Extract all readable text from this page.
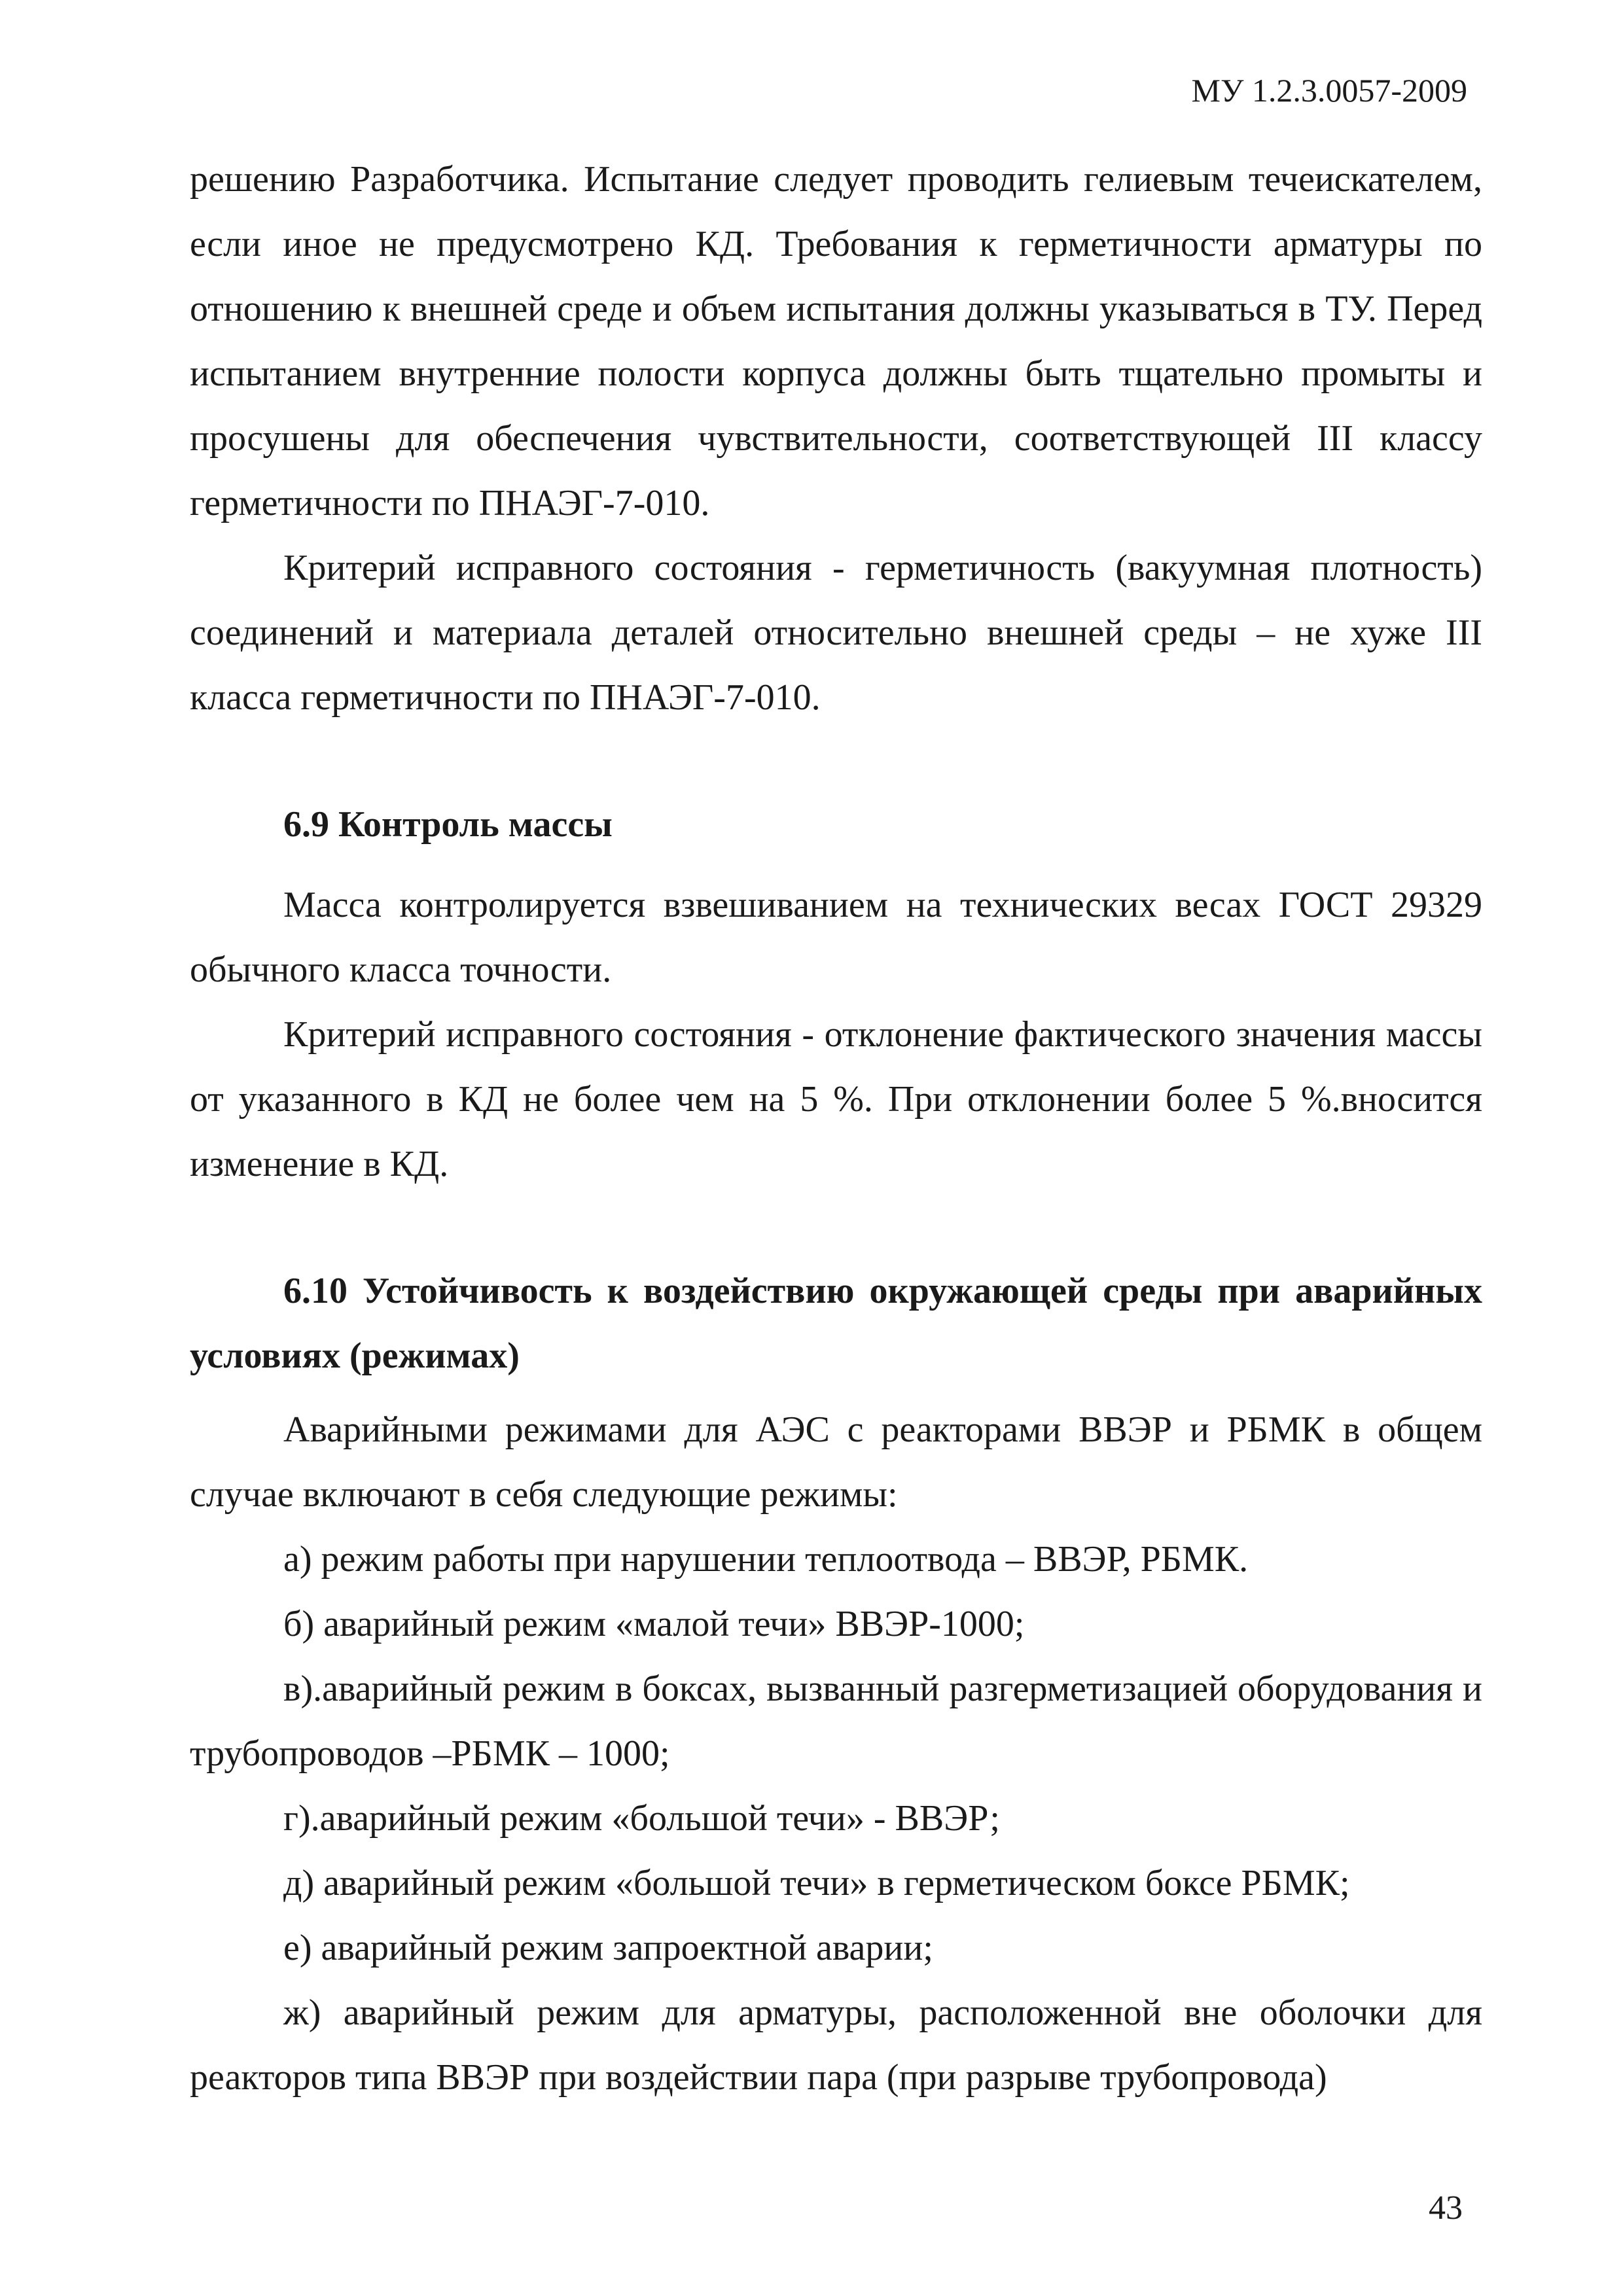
МУ 1.2.3.0057-2009

решению Разработчика. Испытание следует проводить гелиевым течеискателем, если иное не предусмотрено КД. Требования к герметичности арматуры по отношению к внешней среде и объем испытания должны указываться в ТУ. Перед испытанием внутренние полости корпуса должны быть тщательно промыты и просушены для обеспечения чувствительности, соответствующей III классу герметичности по ПНАЭГ-7-010.

Критерий исправного состояния - герметичность (вакуумная плотность) соединений и материала деталей относительно внешней среды – не хуже III класса герметичности по ПНАЭГ-7-010.

6.9 Контроль массы

Масса контролируется взвешиванием на технических весах ГОСТ 29329 обычного класса точности.

Критерий исправного состояния - отклонение фактического значения массы от указанного в КД не более чем на 5 %. При отклонении более 5 %.вносится изменение в КД.

6.10 Устойчивость к воздействию окружающей среды при аварийных условиях (режимах)

Аварийными режимами для АЭС с реакторами ВВЭР и РБМК в общем случае включают в себя следующие режимы:

а) режим работы при нарушении теплоотвода – ВВЭР, РБМК.

б) аварийный режим «малой течи» ВВЭР-1000;

в).аварийный режим в боксах, вызванный разгерметизацией оборудования и трубопроводов –РБМК – 1000;

г).аварийный режим «большой течи» - ВВЭР;

д) аварийный режим «большой течи» в герметическом боксе РБМК;

е) аварийный режим запроектной аварии;

ж) аварийный режим для арматуры, расположенной вне оболочки для реакторов типа ВВЭР при воздействии пара (при разрыве трубопровода)

43
